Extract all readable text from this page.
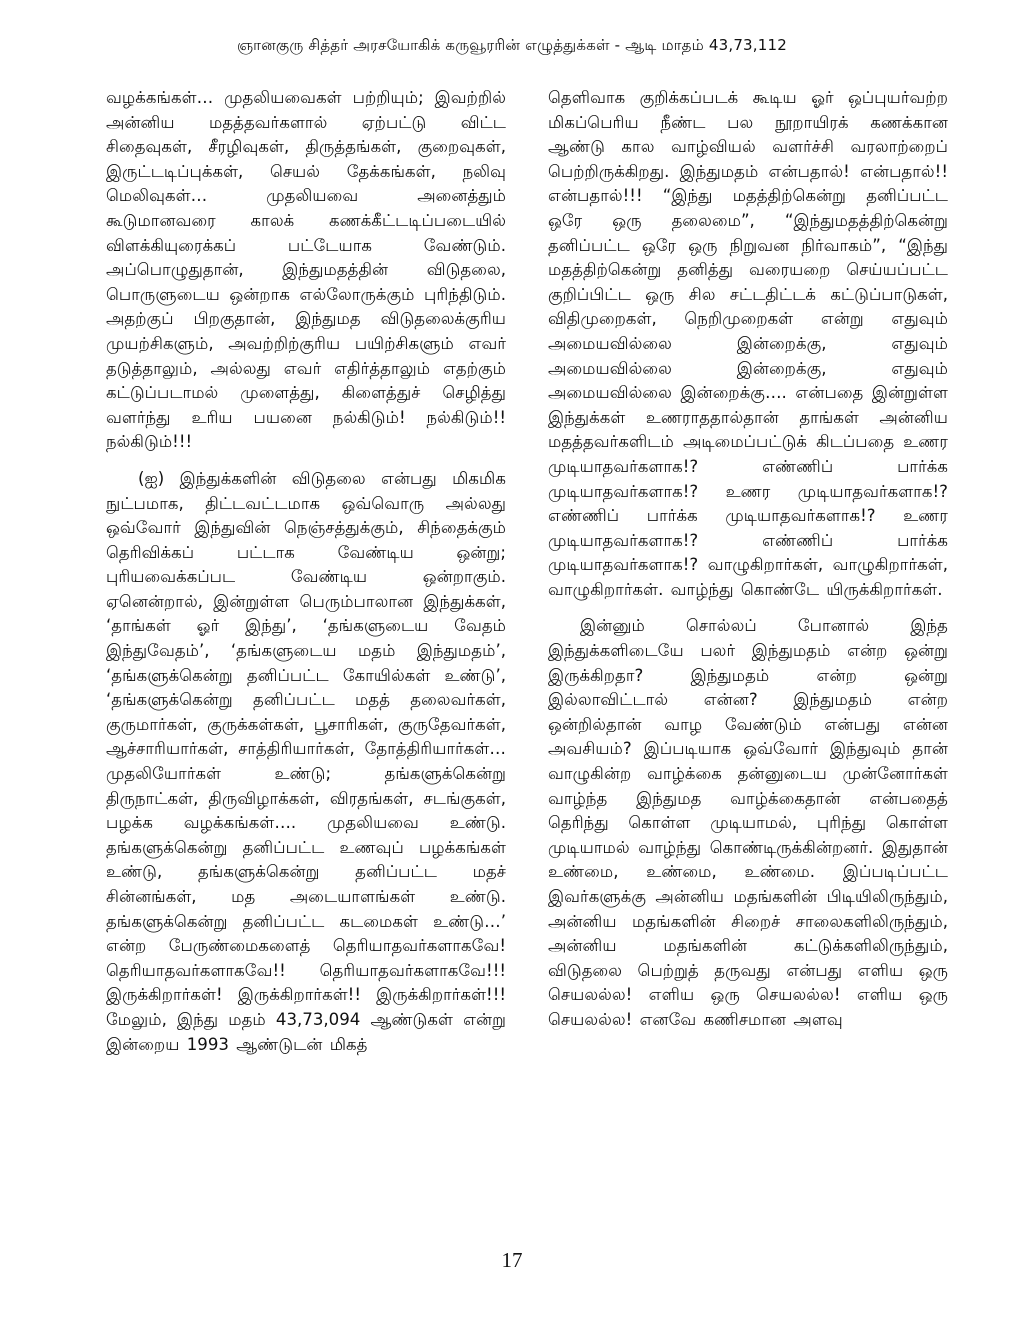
ஞானகுரு சித்தர் அரசயோகிக் கருவூரரின் எழுத்துக்கள் - ஆடி மாதம் 43,73,112

வழக்கங்கள்… முதலியவைகள் பற்றியும்; இவற்றில் அன்னிய மதத்தவர்களால் ஏற்பட்டு விட்ட சிதைவுகள், சீரழிவுகள், திருத்தங்கள், குறைவுகள், இருட்டடிப்புக்கள், செயல் தேக்கங்கள், நலிவு மெலிவுகள்… முதலியவை அனைத்தும் கூடுமானவரை காலக் கணக்கீட்டடிப்படையில் விளக்கியுரைக்கப் பட்டேயாக வேண்டும். அப்பொழுதுதான், இந்துமதத்தின் விடுதலை, பொருளுடைய ஒன்றாக எல்லோருக்கும் புரிந்திடும். அதற்குப் பிறகுதான், இந்துமத விடுதலைக்குரிய முயற்சிகளும், அவற்றிற்குரிய பயிற்சிகளும் எவர் தடுத்தாலும், அல்லது எவர் எதிர்த்தாலும் எதற்கும் கட்டுப்படாமல் முளைத்து, கிளைத்துச் செழித்து வளர்ந்து உரிய பயனை நல்கிடும்! நல்கிடும்!! நல்கிடும்!!!

(ஐ) இந்துக்களின் விடுதலை என்பது மிகமிக நுட்பமாக, திட்டவட்டமாக ஒவ்வொரு அல்லது ஒவ்வோர் இந்துவின் நெஞ்சத்துக்கும், சிந்தைக்கும் தெரிவிக்கப் பட்டாக வேண்டிய ஒன்று; புரியவைக்கப்பட வேண்டிய ஒன்றாகும். ஏனென்றால், இன்றுள்ள பெரும்பாலான இந்துக்கள், ‘தாங்கள் ஓர் இந்து’, ‘தங்களுடைய வேதம் இந்துவேதம்’, ‘தங்களுடைய மதம் இந்துமதம்’, ‘தங்களுக்கென்று தனிப்பட்ட கோயில்கள் உண்டு’, ‘தங்களுக்கென்று தனிப்பட்ட மதத் தலைவர்கள், குருமார்கள், குருக்கள்கள், பூசாரிகள், குருதேவர்கள், ஆச்சாரியார்கள், சாத்திரியார்கள், தோத்திரியார்கள்… முதலியோர்கள் உண்டு; தங்களுக்கென்று திருநாட்கள், திருவிழாக்கள், விரதங்கள், சடங்குகள், பழக்க வழக்கங்கள்…. முதலியவை உண்டு. தங்களுக்கென்று தனிப்பட்ட உணவுப் பழக்கங்கள் உண்டு, தங்களுக்கென்று தனிப்பட்ட மதச் சின்னங்கள், மத அடையாளங்கள் உண்டு. தங்களுக்கென்று தனிப்பட்ட கடமைகள் உண்டு…’ என்ற பேருண்மைகளைத் தெரியாதவர்களாகவே! தெரியாதவர்களாகவே!! தெரியாதவர்களாகவே!!! இருக்கிறார்கள்! இருக்கிறார்கள்!! இருக்கிறார்கள்!!! மேலும், இந்து மதம் 43,73,094 ஆண்டுகள் என்று இன்றைய 1993 ஆண்டுடன் மிகத்

தெளிவாக குறிக்கப்படக் கூடிய ஓர் ஒப்புயர்வற்ற மிகப்பெரிய நீண்ட பல நூறாயிரக் கணக்கான ஆண்டு கால வாழ்வியல் வளர்ச்சி வரலாற்றைப் பெற்றிருக்கிறது. இந்துமதம் என்பதால்! என்பதால்!! என்பதால்!!! “இந்து மதத்திற்கென்று தனிப்பட்ட ஒரே ஒரு தலைமை”, “இந்துமதத்திற்கென்று தனிப்பட்ட ஒரே ஒரு நிறுவன நிர்வாகம்”, “இந்து மதத்திற்கென்று தனித்து வரையறை செய்யப்பட்ட குறிப்பிட்ட ஒரு சில சட்டதிட்டக் கட்டுப்பாடுகள், விதிமுறைகள், நெறிமுறைகள் என்று எதுவும் அமையவில்லை இன்றைக்கு, எதுவும் அமையவில்லை இன்றைக்கு, எதுவும் அமையவில்லை இன்றைக்கு…. என்பதை இன்றுள்ள இந்துக்கள் உணராததால்தான் தாங்கள் அன்னிய மதத்தவர்களிடம் அடிமைப்பட்டுக் கிடப்பதை உணர முடியாதவர்களாக!? எண்ணிப் பார்க்க முடியாதவர்களாக!? உணர முடியாதவர்களாக!? எண்ணிப் பார்க்க முடியாதவர்களாக!? உணர முடியாதவர்களாக!? எண்ணிப் பார்க்க முடியாதவர்களாக!? வாழுகிறார்கள், வாழுகிறார்கள், வாழுகிறார்கள். வாழ்ந்து கொண்டே யிருக்கிறார்கள்.

இன்னும் சொல்லப் போனால் இந்த இந்துக்களிடையே பலர் இந்துமதம் என்ற ஒன்று இருக்கிறதா? இந்துமதம் என்ற ஒன்று இல்லாவிட்டால் என்ன? இந்துமதம் என்ற ஒன்றில்தான் வாழ வேண்டும் என்பது என்ன அவசியம்? இப்படியாக ஒவ்வோர் இந்துவும் தான் வாழுகின்ற வாழ்க்கை தன்னுடைய முன்னோர்கள் வாழ்ந்த இந்துமத வாழ்க்கைதான் என்பதைத் தெரிந்து கொள்ள முடியாமல், புரிந்து கொள்ள முடியாமல் வாழ்ந்து கொண்டிருக்கின்றனர். இதுதான் உண்மை, உண்மை, உண்மை. இப்படிப்பட்ட இவர்களுக்கு அன்னிய மதங்களின் பிடியிலிருந்தும், அன்னிய மதங்களின் சிறைச் சாலைகளிலிருந்தும், அன்னிய மதங்களின் கட்டுக்களிலிருந்தும், விடுதலை பெற்றுத் தருவது என்பது எளிய ஒரு செயலல்ல! எளிய ஒரு செயலல்ல! எளிய ஒரு செயலல்ல! எனவே கணிசமான அளவு

17
